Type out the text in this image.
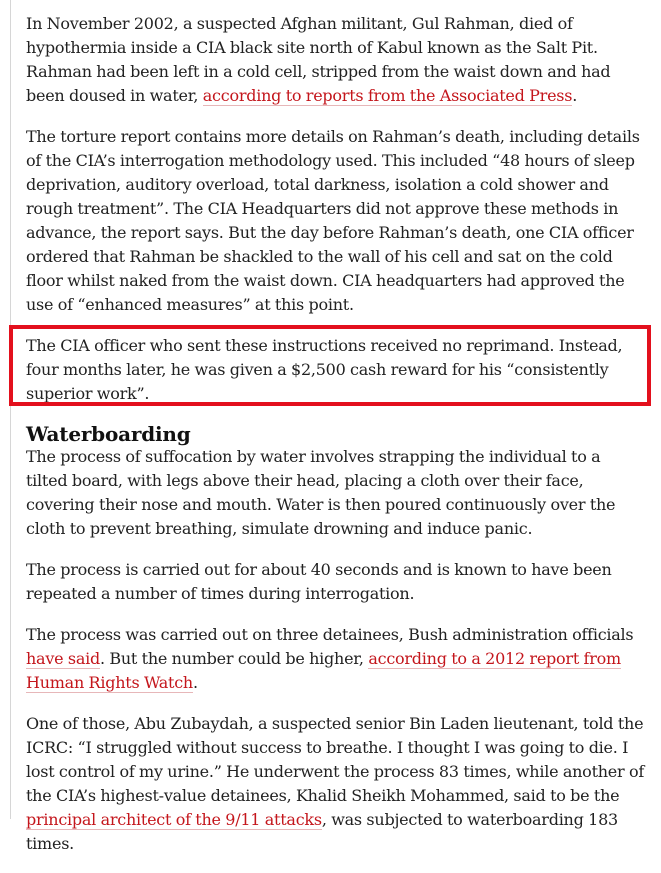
In November 2002, a suspected Afghan militant, Gul Rahman, died of hypothermia inside a CIA black site north of Kabul known as the Salt Pit. Rahman had been left in a cold cell, stripped from the waist down and had been doused in water, according to reports from the Associated Press.

The torture report contains more details on Rahman’s death, including details of the CIA’s interrogation methodology used. This included “48 hours of sleep deprivation, auditory overload, total darkness, isolation a cold shower and rough treatment”. The CIA Headquarters did not approve these methods in advance, the report says. But the day before Rahman’s death, one CIA officer ordered that Rahman be shackled to the wall of his cell and sat on the cold floor whilst naked from the waist down. CIA headquarters had approved the use of “enhanced measures” at this point.

The CIA officer who sent these instructions received no reprimand. Instead, four months later, he was given a $2,500 cash reward for his “consistently superior work”.

Waterboarding

The process of suffocation by water involves strapping the individual to a tilted board, with legs above their head, placing a cloth over their face, covering their nose and mouth. Water is then poured continuously over the cloth to prevent breathing, simulate drowning and induce panic.

The process is carried out for about 40 seconds and is known to have been repeated a number of times during interrogation.

The process was carried out on three detainees, Bush administration officials have said. But the number could be higher, according to a 2012 report from Human Rights Watch.

One of those, Abu Zubaydah, a suspected senior Bin Laden lieutenant, told the ICRC: “I struggled without success to breathe. I thought I was going to die. I lost control of my urine.” He underwent the process 83 times, while another of the CIA’s highest-value detainees, Khalid Sheikh Mohammed, said to be the principal architect of the 9/11 attacks, was subjected to waterboarding 183 times.
